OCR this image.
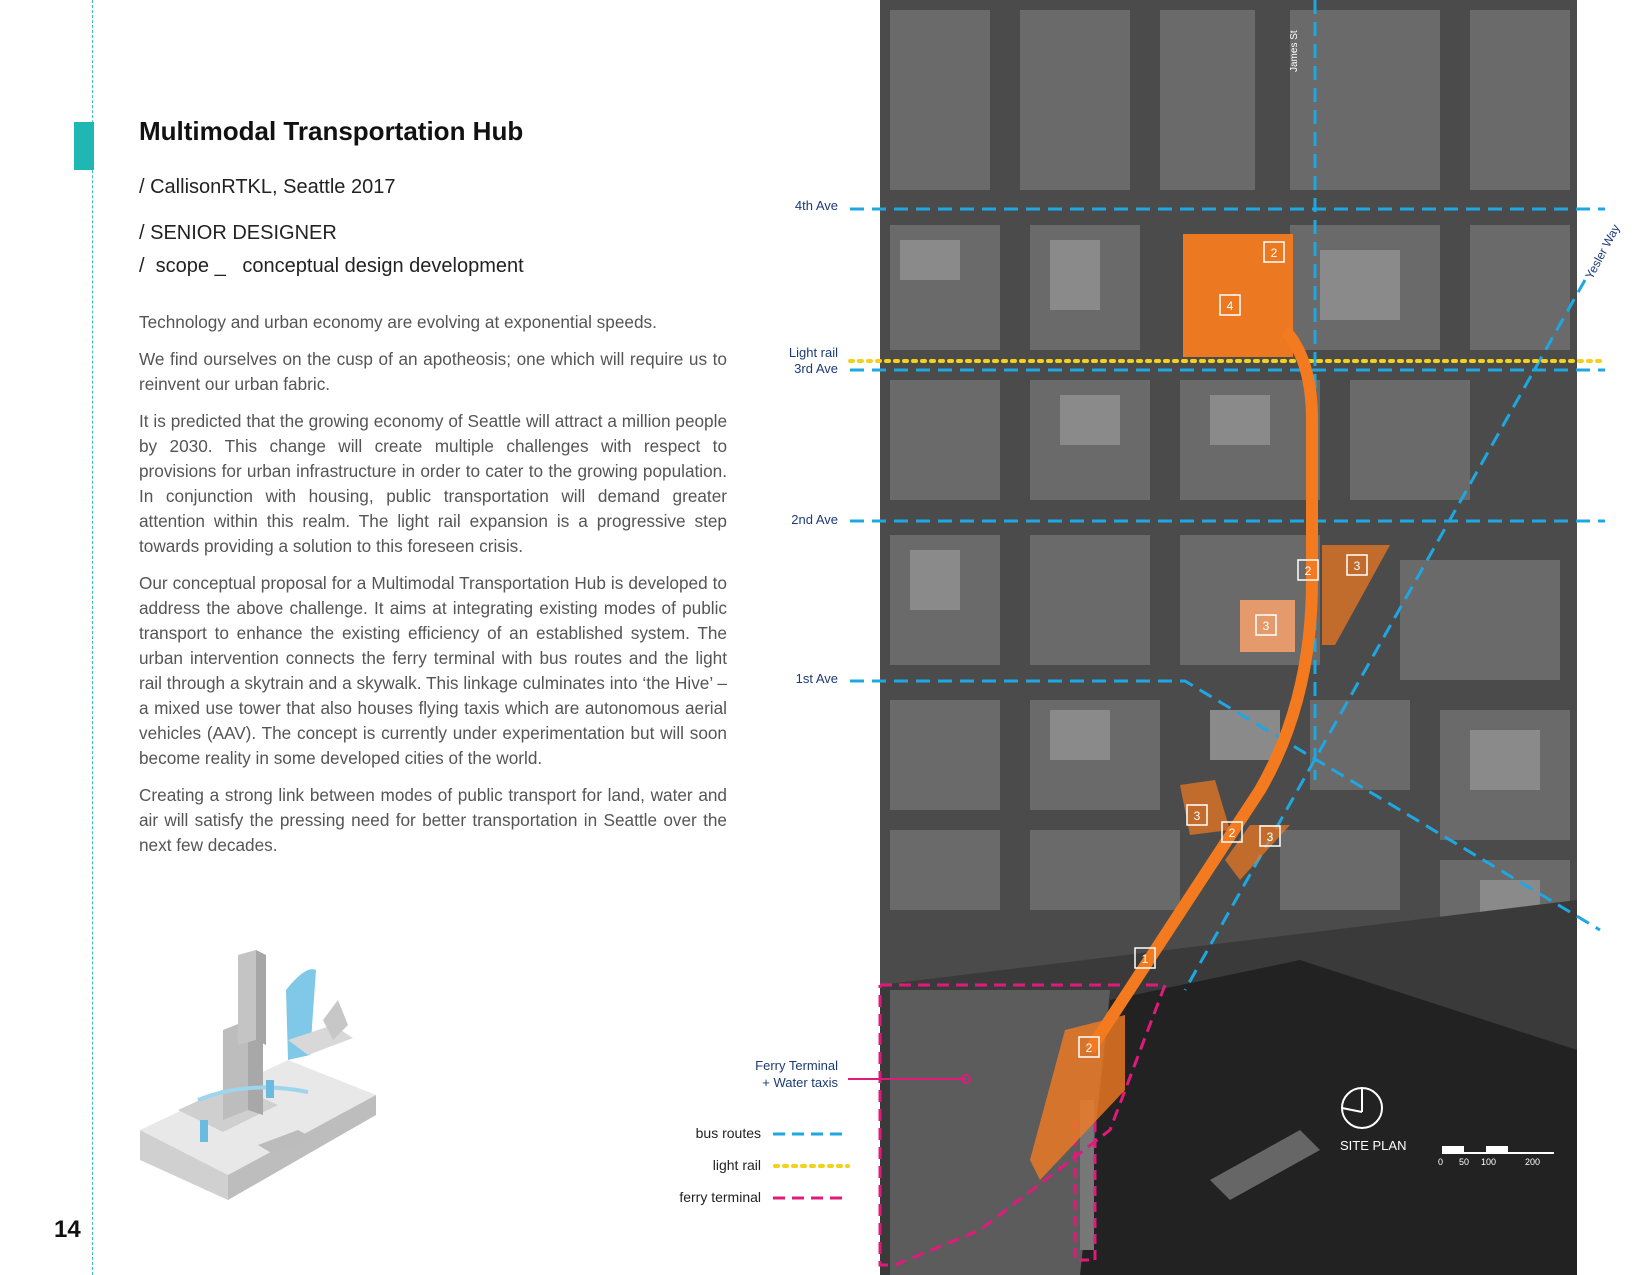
Multimodal Transportation Hub
/ CallisonRTKL, Seattle 2017
/ SENIOR DESIGNER
/  scope _   conceptual design development

Technology and urban economy are evolving at exponential speeds.

We find ourselves on the cusp of an apotheosis; one which will require us to reinvent our urban fabric.

It is predicted that the growing economy of Seattle will attract a million people by 2030. This change will create multiple challenges with respect to provisions for urban infrastructure in order to cater to the growing population. In conjunction with housing, public transportation will demand greater attention within this realm. The light rail expansion is a progressive step towards providing a solution to this foreseen crisis.

Our conceptual proposal for a Multimodal Transportation Hub is developed to address the above challenge. It aims at integrating existing modes of public transport to enhance the existing efficiency of an established system. The urban intervention connects the ferry terminal with bus routes and the light rail through a skytrain and a skywalk. This linkage culminates into ‘the Hive’ – a mixed use tower that also houses flying taxis which are autonomous aerial vehicles (AAV). The concept is currently under experimentation but will soon become reality in some developed cities of the world.

Creating a strong link between modes of public transport for land, water and air will satisfy the pressing need for better transportation in Seattle over the next few decades.

14
1
2
2
2
2
3
3
3
3
4
James St
Yesler Way
SITE PLAN
0 50 100	200
4th Ave
Light rail
3rd Ave
2nd Ave
1st Ave
Ferry Terminal
+ Water taxis
bus routes
light rail
ferry terminal
